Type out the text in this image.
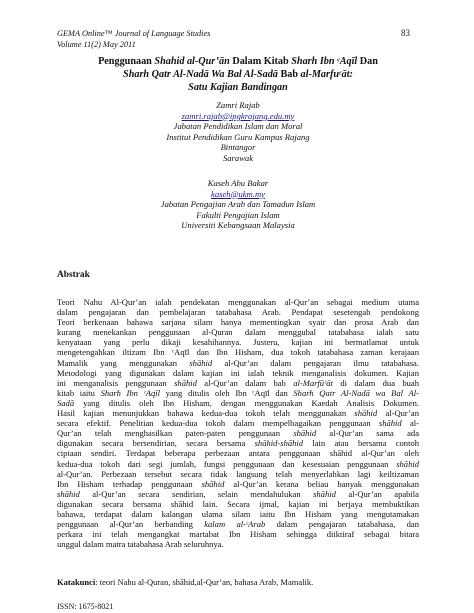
GEMA Online™ Journal of Language Studies
Volume 11(2) May 2011
83
Penggunaan Shahid al-Qur’ān Dalam Kitab Sharh Ibn ᶜAqīl Dan
Sharh Qatr Al-Nadā Wa Bal Al-Sadā Bab al-Marfuᶜāt:
Satu Kajian Bandingan
Zamri Rajab
zamri.rajab@ipgkrajang.edu.my
Jabatan Pendidikan Islam dan Moral
Institut Pendidikan Guru Kampus Rajang
Bintangor
Sarawak
Kaseh Abu Bakar
kaseh@ukm.my
Jabatan Pengajian Arab dan Tamadun Islam
Fakulti Pengajian Islam
Universiti Kebangsaan Malaysia
Abstrak
Teori Nahu Al-Qur’an ialah pendekatan menggunakan al-Qur’an sebagai medium utama
dalam pengajaran dan pembelajaran tatabahasa Arab. Pendapat sesetengah pendokong
Teori berkenaan bahawa sarjana silam hanya mementingkan syair dan prosa Arab dan
kurang menekankan penggunaan al-Quran dalam menggubal tatabahasa ialah satu
kenyataan yang perlu dikaji kesahihannya. Justeru, kajian ini bermatlamat untuk
mengetengahkan iltizam Ibn ᶜAqīl dan Ibn Hisham, dua tokoh tatabahasa zaman kerajaan
Mamalik yang menggunakan shāhid al-Qur’an dalam pengajaran ilmu tatabahasa.
Metodologi yang digunakan dalam kajian ini ialah teknik menganalisis dokumen. Kajian
ini menganalisis penggunaan shāhid al-Qur’an dalam bab al-Marfūᶜāt di dalam dua buah
kitab iaitu Sharh Ibn ᶜAqīl yang ditulis oleh Ibn ᶜAqīl dan Sharh Qatr Al-Nadā wa Bal Al-
Sadā yang ditulis oleh Ibn Hisham, dengan menggunakan Kaedah Analisis Dokumen.
Hasil kajian menunjukkan bahawa kedua-dua tokoh telah menggunakan shāhid al-Qur’an
secara efektif. Penelitian kedua-dua tokoh dalam mempelbagaikan penggunaan shāhid al-
Qur’an telah menghasilkan paten-paten penggunaan shāhid al-Qur’an sama ada
digunakan secara bersendirian, secara bersama shāhid-shāhid lain atau bersama contoh
ciptaan sendiri. Terdapat beberapa perbezaan antara penggunaan shāhid al-Qur’an oleh
kedua-dua tokoh dari segi jumlah, fungsi penggunaan dan kesesuaian penggunaan shāhid
al-Qur’an. Perbezaan tersebut secara tidak langsung telah menyerlahkan lagi keiltizaman
Ibn Hisham terhadap penggunaan shāhid al-Qur’an kerana beliau banyak menggunakan
shāhid al-Qur’an secara sendirian, selain mendahulukan shāhid al-Qur’an apabila
digunakan secara bersama shāhid lain. Secara ijmal, kajian ini berjaya membuktikan
bahawa, terdapat dalam kalangan ulama silam iaitu Ibn Hisham yang mengutamakan
penggunaan al-Qur’an berbanding kalam al-ᶜArab dalam pengajaran tatabahasa, dan
perkara ini telah mengangkat martabat Ibn Hisham sehingga diiktiraf sebagai bitara
unggul dalam matra tatabahasa Arab seluruhnya.
Katakunci: teori Nahu al-Quran, shāhid,al-Qur’an, bahasa Arab, Mamalik.
ISSN: 1675-8021
